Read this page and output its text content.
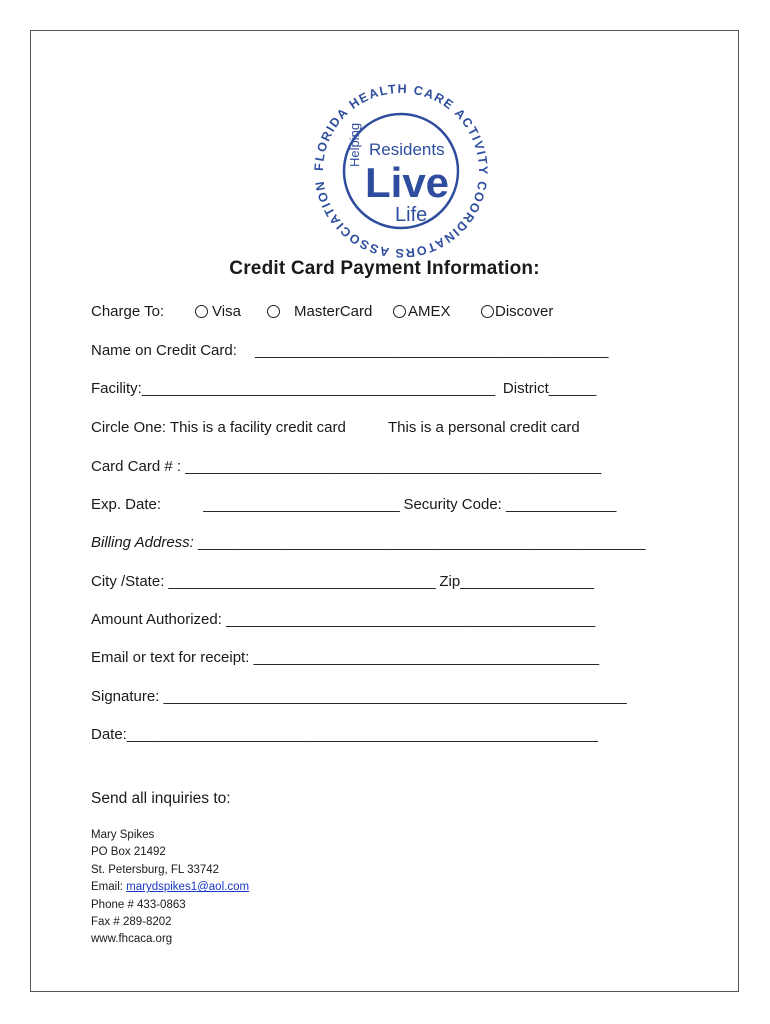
FLORIDA HEALTH CARE ACTIVITY COORDINATORS ASSOCIATION
Helping Residents
Live
Life.
Credit Card Payment Information:
Charge To:	Visa	MasterCard	AMEX	Discover
Name on Credit Card: _____________________________________________
Facility:_____________________________________________ District______
Circle One: This is a facility credit card	This is a personal credit card
Card Card # : _____________________________________________________
Exp. Date:	_________________________ Security Code: ______________
Billing Address: _________________________________________________________
City /State: __________________________________ Zip_________________
Amount Authorized: _______________________________________________
Email or text for receipt: ____________________________________________
Signature: ___________________________________________________________
Date:____________________________________________________________
Send all inquiries to:
Mary Spikes
PO Box 21492
St. Petersburg, FL 33742
Email: marydspikes1@aol.com
Phone # 433-0863
Fax # 289-8202
www.fhcaca.org
